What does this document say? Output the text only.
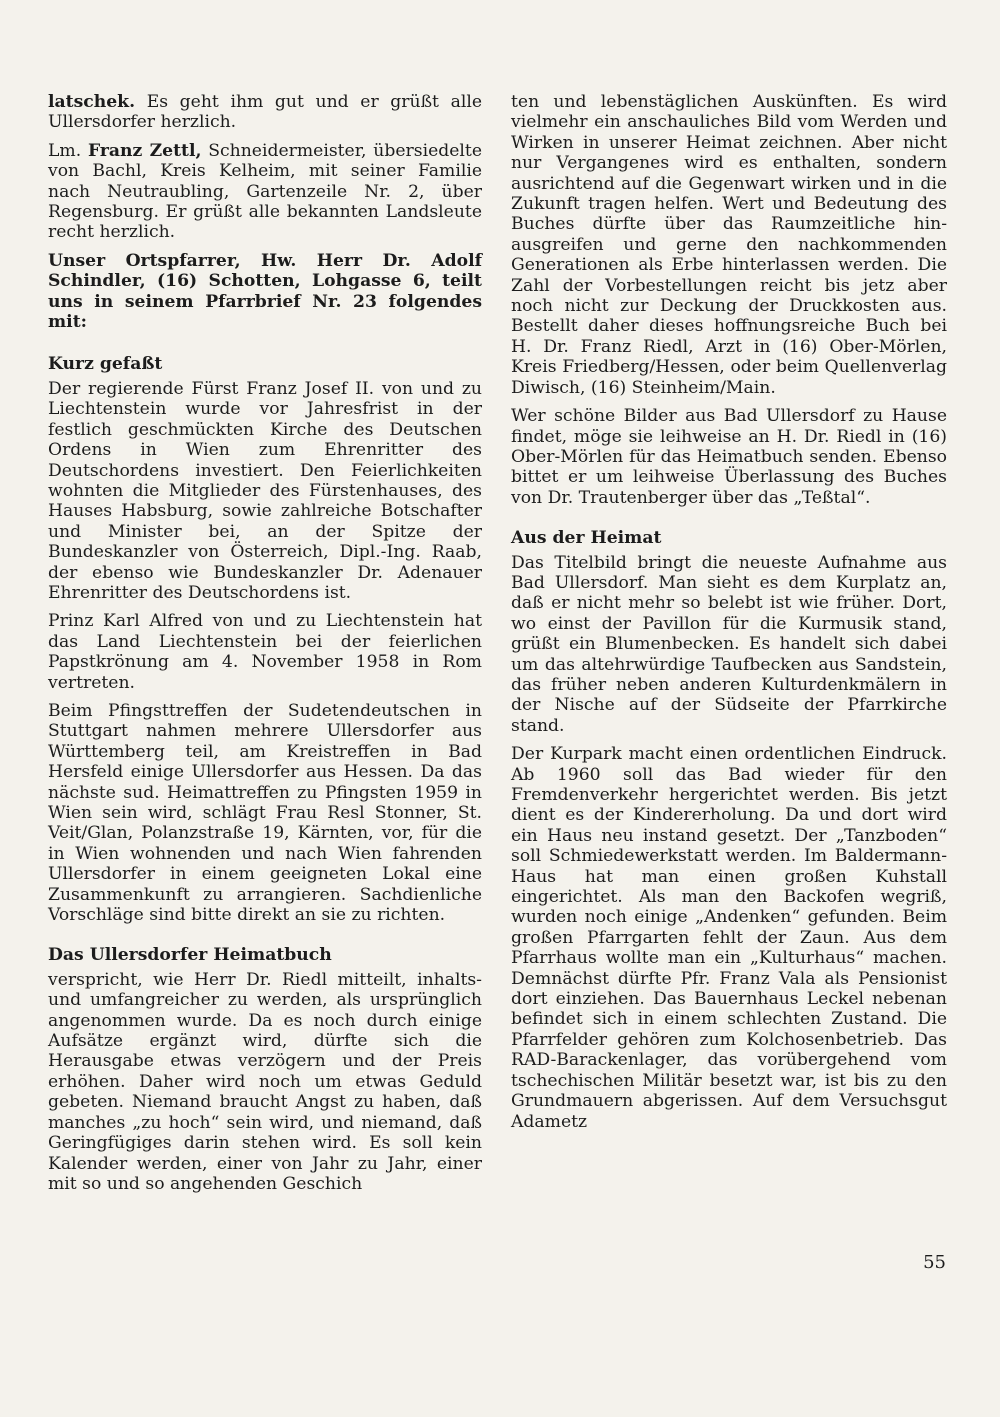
latschek. Es geht ihm gut und er grüßt alle Ullersdorfer herzlich.

Lm. Franz Zettl, Schneidermeister, übersiedelte von Bachl, Kreis Kelheim, mit seiner Familie nach Neutraubling, Gartenzeile Nr. 2, über Regensburg. Er grüßt alle bekannten Landsleute recht herzlich.

Unser Ortspfarrer, Hw. Herr Dr. Adolf Schindler, (16) Schotten, Lohgasse 6, teilt uns in seinem Pfarrbrief Nr. 23 folgendes mit:

Kurz gefaßt

Der regierende Fürst Franz Josef II. von und zu Liechtenstein wurde vor Jahresfrist in der festlich geschmückten Kirche des Deutschen Ordens in Wien zum Ehrenritter des Deutschordens investiert. Den Feierlichkeiten wohnten die Mitglieder des Fürstenhauses, des Hauses Habsburg, sowie zahlreiche Botschafter und Minister bei, an der Spitze der Bundeskanzler von Österreich, Dipl.-Ing. Raab, der ebenso wie Bundeskanzler Dr. Adenauer Ehrenritter des Deutschordens ist.

Prinz Karl Alfred von und zu Liechtenstein hat das Land Liechtenstein bei der feierlichen Papstkrönung am 4. November 1958 in Rom vertreten.

Beim Pfingsttreffen der Sudetendeutschen in Stuttgart nahmen mehrere Ullersdorfer aus Württemberg teil, am Kreistreffen in Bad Hersfeld einige Ullersdorfer aus Hessen. Da das nächste sud. Heimattreffen zu Pfingsten 1959 in Wien sein wird, schlägt Frau Resl Stonner, St. Veit/Glan, Polanzstraße 19, Kärnten, vor, für die in Wien wohnenden und nach Wien fahrenden Ullersdorfer in einem geeigneten Lokal eine Zusammenkunft zu arrangieren. Sachdienliche Vorschläge sind bitte direkt an sie zu richten.

Das Ullersdorfer Heimatbuch

verspricht, wie Herr Dr. Riedl mitteilt, inhalts- und umfangreicher zu werden, als ursprünglich angenommen wurde. Da es noch durch einige Aufsätze ergänzt wird, dürfte sich die Herausgabe etwas verzögern und der Preis erhöhen. Daher wird noch um etwas Geduld gebeten. Niemand braucht Angst zu haben, daß manches „zu hoch“ sein wird, und niemand, daß Geringfügiges darin stehen wird. Es soll kein Kalender werden, einer von Jahr zu Jahr, einer mit so und so angehenden Geschich

ten und lebenstäglichen Auskünften. Es wird vielmehr ein anschauliches Bild vom Werden und Wirken in unserer Heimat zeichnen. Aber nicht nur Vergangenes wird es enthalten, sondern ausrichtend auf die Gegenwart wirken und in die Zukunft tragen helfen. Wert und Bedeutung des Buches dürfte über das Raumzeitliche hinausgreifen und gerne den nachkommenden Generationen als Erbe hinterlassen werden. Die Zahl der Vorbestellungen reicht bis jetz aber noch nicht zur Deckung der Druckkosten aus. Bestellt daher dieses hoffnungsreiche Buch bei H. Dr. Franz Riedl, Arzt in (16) Ober-Mörlen, Kreis Friedberg/Hessen, oder beim Quellenverlag Diwisch, (16) Steinheim/Main.

Wer schöne Bilder aus Bad Ullersdorf zu Hause findet, möge sie leihweise an H. Dr. Riedl in (16) Ober-Mörlen für das Heimatbuch senden. Ebenso bittet er um leihweise Überlassung des Buches von Dr. Trautenberger über das „Teßtal“.

Aus der Heimat

Das Titelbild bringt die neueste Aufnahme aus Bad Ullersdorf. Man sieht es dem Kurplatz an, daß er nicht mehr so belebt ist wie früher. Dort, wo einst der Pavillon für die Kurmusik stand, grüßt ein Blumenbecken. Es handelt sich dabei um das altehrwürdige Taufbecken aus Sandstein, das früher neben anderen Kulturdenkmälern in der Nische auf der Südseite der Pfarrkirche stand.

Der Kurpark macht einen ordentlichen Eindruck. Ab 1960 soll das Bad wieder für den Fremdenverkehr hergerichtet werden. Bis jetzt dient es der Kindererholung. Da und dort wird ein Haus neu instand gesetzt. Der „Tanzboden“ soll Schmiedewerkstatt werden. Im Baldermann-Haus hat man einen großen Kuhstall eingerichtet. Als man den Backofen wegriß, wurden noch einige „Andenken“ gefunden. Beim großen Pfarrgarten fehlt der Zaun. Aus dem Pfarrhaus wollte man ein „Kulturhaus“ machen. Demnächst dürfte Pfr. Franz Vala als Pensionist dort einziehen. Das Bauernhaus Leckel nebenan befindet sich in einem schlechten Zustand. Die Pfarrfelder gehören zum Kolchosenbetrieb. Das RAD-Barackenlager, das vorübergehend vom tschechischen Militär besetzt war, ist bis zu den Grundmauern abgerissen. Auf dem Versuchsgut Adametz

55
